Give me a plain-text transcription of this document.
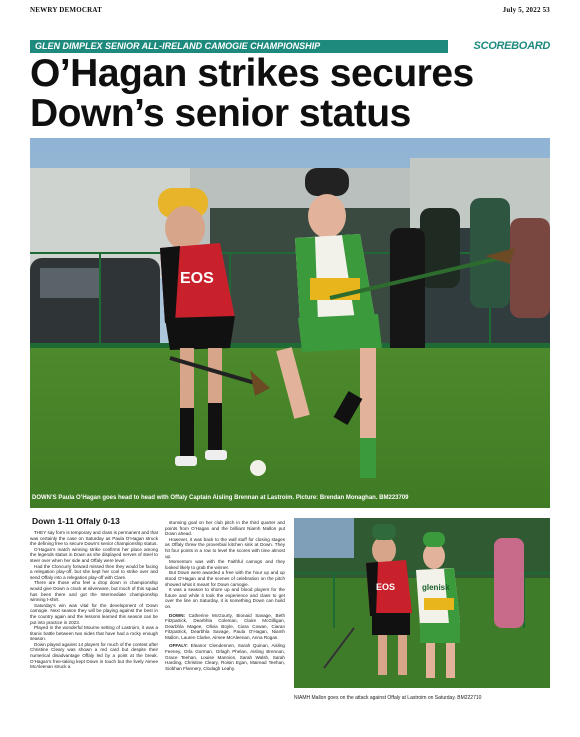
NEWRY DEMOCRAT	July 5, 2022 53
GLEN DIMPLEX SENIOR ALL-IRELAND CAMOGIE CHAMPIONSHIP	SCOREBOARD
O’Hagan strikes secures
Down’s senior status
EOS
DOWN’S Paula O’Hagan goes head to head with Offaly Captain Aisling Brennan at Lastroim. Picture: Brendan Monaghan. BM223709
Down 1-11 Offaly 0-13

THEY say form is temporary and class is permanent and that was certainly the case on Saturday as Paula O’Hagan struck the defining free to secure Down’s senior championship status.

O’Hagan’s match winning strike confirms her place among the legends status in Down as she displayed nerves of steel to steer over when her side and Offaly were level.

Had the Cloncurry forward missed then they would be facing a relegation play-off, but she kept her cool to strike over and send Offaly into a relegation play-off with Clare.

There are those who feel a drop down in championship would give Down a crack at silverware, but much of this squad has been there and got the Intermediate championship winning t-shirt.

Saturday’s win was vital for the development of Down camogie. Next season they will be playing against the best in the country again and the lessons learned this season can be put into practice in 2023.

Played in the wonderful Mourne setting of Lastroim, it was a titanic battle between two sides that have had a rocky enough season.

Down played against 14 players for much of the contest after Christine Cleary was shown a red card but despite their numerical disadvantage Offaly led by a point at the break. O’Hagan’s free-taking kept Down in touch but the lively Aimee McAleenan struck a

stunning goal on her club pitch in the third quarter and points from O’Hagan and the brilliant Niamh Mallon put Down ahead.

However, it was back to the wall stuff for closing stages as Offaly threw the proverbial kitchen sink at Down. They hit four points in a row to level the scores with time almost up.

Momentum was with the Faithful camogs and they looked likely to grab the winner.

But Down were awarded a free with the hour up and up stood O’Hagan and the scenes of celebration on the pitch showed what it meant for Down camogie.

It was a season to shore up and blood players for the future and while it took the experience and class to get over the line on Saturday, it is something Down can build on.

DOWN: Catherine McGourty, Bionaid Savage, Beth Fitzpatrick, Dearbhla Coleman, Claire McGilligan, Dearbhla Magee, Olivia Boyle, Ciara Cowan, Ciaran Fitzpatrick, Dearbhla Savage, Paula O’Hagan, Niamh Mallon, Lauren Clarke, Aimee McAleenan, Anna Rogan.

OFFALY: Eleanor Clendennen, Sarah Quinan, Aisling Feeney, Orla Gorman, Orlagh Phelan, Aisling Brennan, Grace Teehan, Louise Mannion, Sarah Walsh, Sarah Harding, Christine Cleary, Roisin Egan, Mairead Teehan, Siobhan Flannery, Clodagh Leahy.

EOS	glenisk
NIAMH Mallon goes on the attack against Offaly at Lastroim on Saturday. BM222710
